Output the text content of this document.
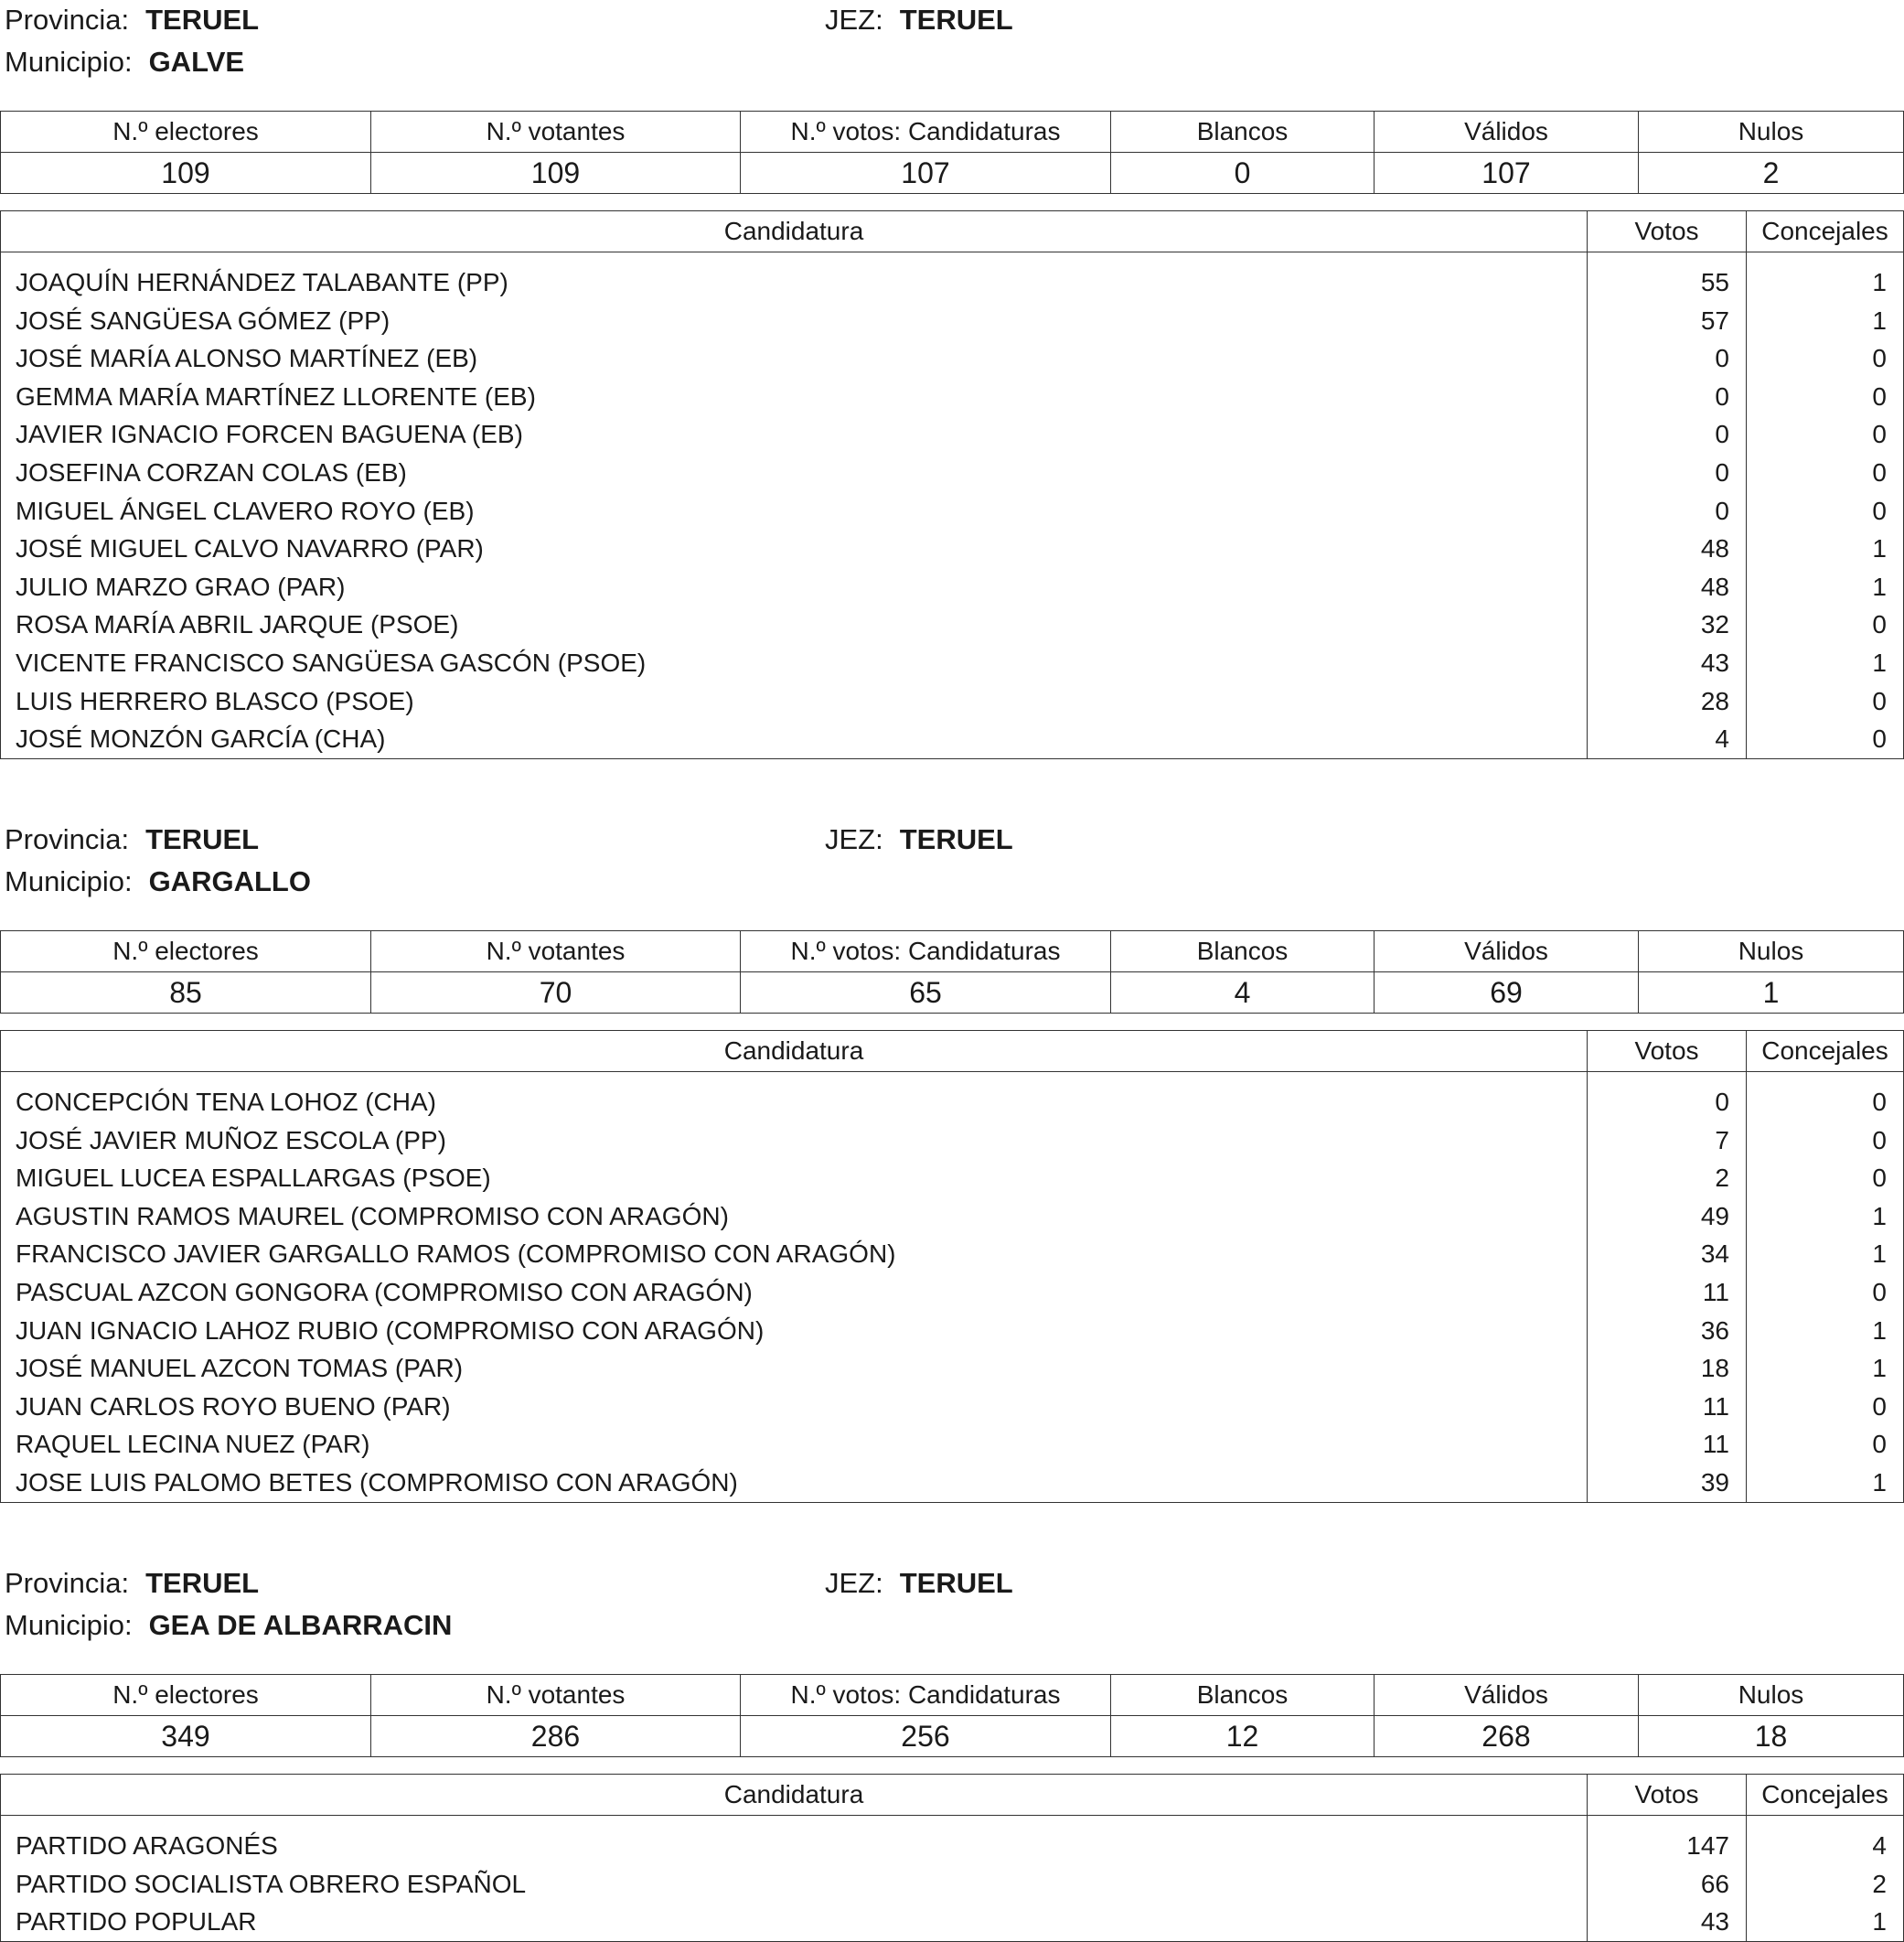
Provincia: TERUEL	JEZ: TERUEL
Municipio: GALVE
N.º electores	N.º votantes	N.º votos: Candidaturas	Blancos	Válidos	Nulos
109	109	107	0	107	2
Candidatura	Votos	Concejales

JOAQUÍN HERNÁNDEZ TALABANTE (PP)	55	1
JOSÉ SANGÜESA GÓMEZ (PP)	57	1
JOSÉ MARÍA ALONSO MARTÍNEZ (EB)	0	0
GEMMA MARÍA MARTÍNEZ LLORENTE (EB)	0	0
JAVIER IGNACIO FORCEN BAGUENA (EB)	0	0
JOSEFINA CORZAN COLAS (EB)	0	0
MIGUEL ÁNGEL CLAVERO ROYO (EB)	0	0
JOSÉ MIGUEL CALVO NAVARRO (PAR)	48	1
JULIO MARZO GRAO (PAR)	48	1
ROSA MARÍA ABRIL JARQUE (PSOE)	32	0
VICENTE FRANCISCO SANGÜESA GASCÓN (PSOE)	43	1
LUIS HERRERO BLASCO (PSOE)	28	0
JOSÉ MONZÓN GARCÍA (CHA)	4	0
Provincia: TERUEL	JEZ: TERUEL
Municipio: GARGALLO
N.º electores	N.º votantes	N.º votos: Candidaturas	Blancos	Válidos	Nulos
85	70	65	4	69	1
Candidatura	Votos	Concejales

CONCEPCIÓN TENA LOHOZ (CHA)	0	0
JOSÉ JAVIER MUÑOZ ESCOLA (PP)	7	0
MIGUEL LUCEA ESPALLARGAS (PSOE)	2	0
AGUSTIN RAMOS MAUREL (COMPROMISO CON ARAGÓN)	49	1
FRANCISCO JAVIER GARGALLO RAMOS (COMPROMISO CON ARAGÓN)	34	1
PASCUAL AZCON GONGORA (COMPROMISO CON ARAGÓN)	11	0
JUAN IGNACIO LAHOZ RUBIO (COMPROMISO CON ARAGÓN)	36	1
JOSÉ MANUEL AZCON TOMAS (PAR)	18	1
JUAN CARLOS ROYO BUENO (PAR)	11	0
RAQUEL LECINA NUEZ (PAR)	11	0
JOSE LUIS PALOMO BETES (COMPROMISO CON ARAGÓN)	39	1
Provincia: TERUEL	JEZ: TERUEL
Municipio: GEA DE ALBARRACIN
N.º electores	N.º votantes	N.º votos: Candidaturas	Blancos	Válidos	Nulos
349	286	256	12	268	18
Candidatura	Votos	Concejales

PARTIDO ARAGONÉS	147	4
PARTIDO SOCIALISTA OBRERO ESPAÑOL	66	2
PARTIDO POPULAR	43	1
